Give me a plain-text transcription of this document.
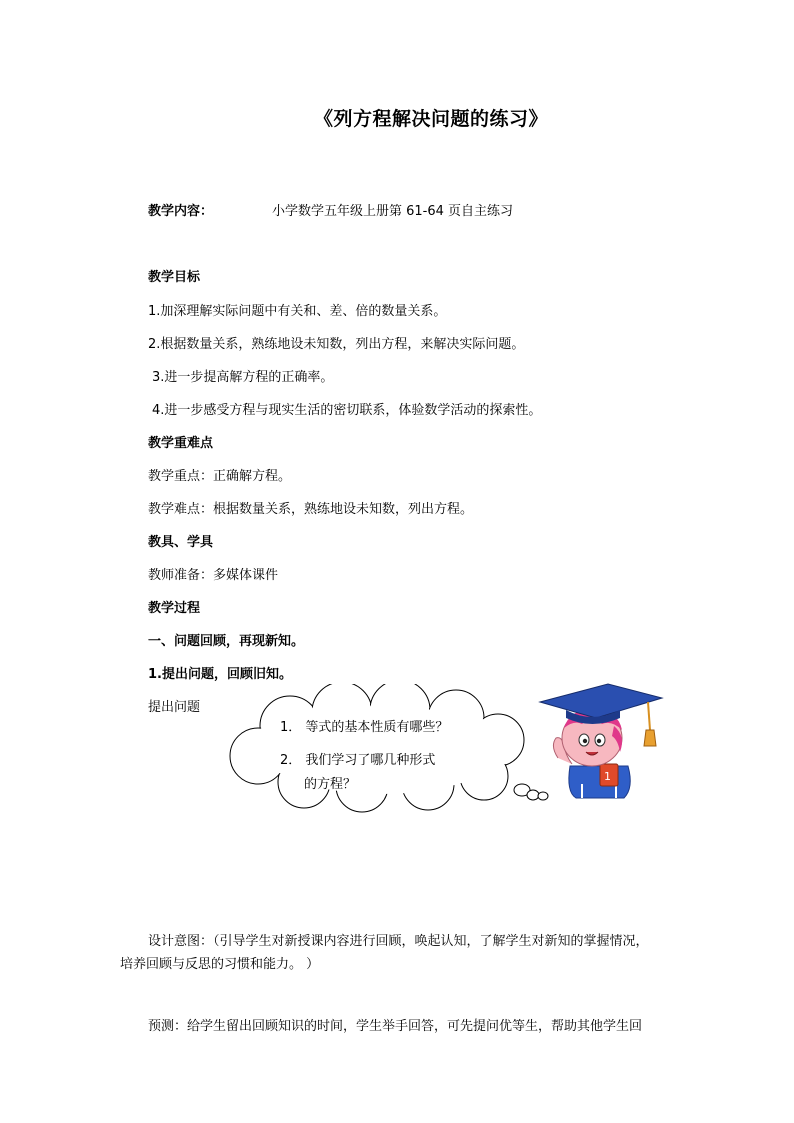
《列方程解决问题的练习》
教学内容：	小学数学五年级上册第 61-64 页自主练习
教学目标
1.加深理解实际问题中有关和、差、倍的数量关系。
2.根据数量关系，熟练地设未知数，列出方程，来解决实际问题。
3.进一步提高解方程的正确率。
4.进一步感受方程与现实生活的密切联系，体验数学活动的探索性。
教学重难点
教学重点：正确解方程。
教学难点：根据数量关系，熟练地设未知数，列出方程。
教具、学具
教师准备：多媒体课件
教学过程
一、问题回顾，再现新知。
1.提出问题，回顾旧知。
提出问题
1． 等式的基本性质有哪些？
2． 我们学习了哪几种形式
的方程？
1
设计意图：（引导学生对新授课内容进行回顾，唤起认知，了解学生对新知的掌握情况，
培养回顾与反思的习惯和能力。 ）
预测：给学生留出回顾知识的时间，学生举手回答，可先提问优等生，帮助其他学生回
